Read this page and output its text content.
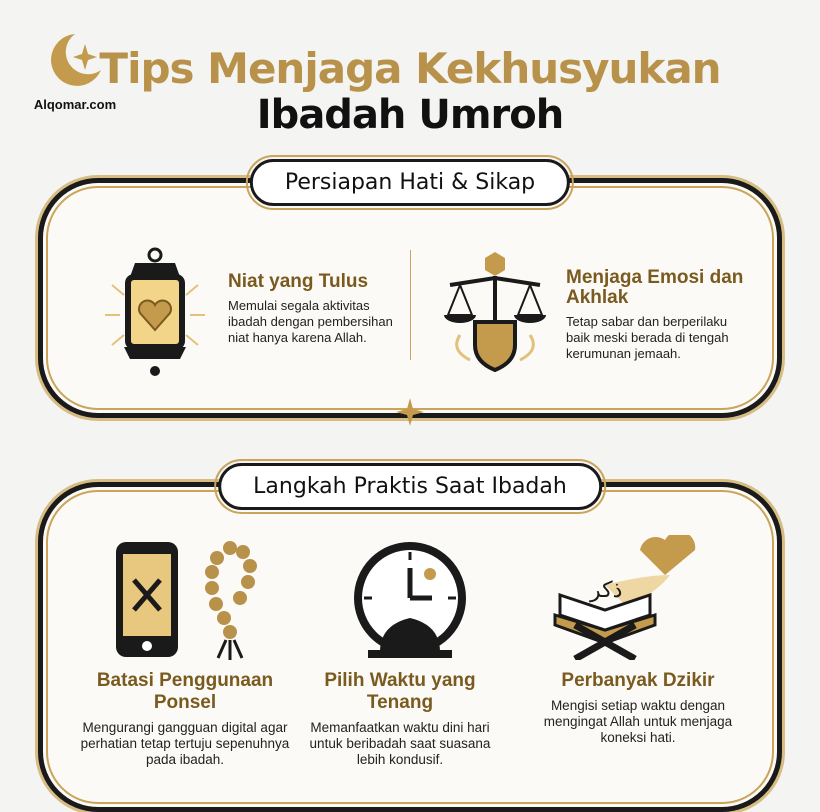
Alqomar.com
Tips Menjaga Kekhusyukan
Ibadah Umroh
Persiapan Hati & Sikap
Niat yang Tulus
Memulai segala aktivitas ibadah dengan pembersihan niat hanya karena Allah.
Menjaga Emosi dan Akhlak
Tetap sabar dan berperilaku baik meski berada di tengah kerumunan jemaah.
Langkah Praktis Saat Ibadah
ذكر
Batasi Penggunaan Ponsel
Mengurangi gangguan digital agar perhatian tetap tertuju sepenuhnya pada ibadah.
Pilih Waktu yang Tenang
Memanfaatkan waktu dini hari untuk beribadah saat suasana lebih kondusif.
Perbanyak Dzikir
Mengisi setiap waktu dengan mengingat Allah untuk menjaga koneksi hati.
